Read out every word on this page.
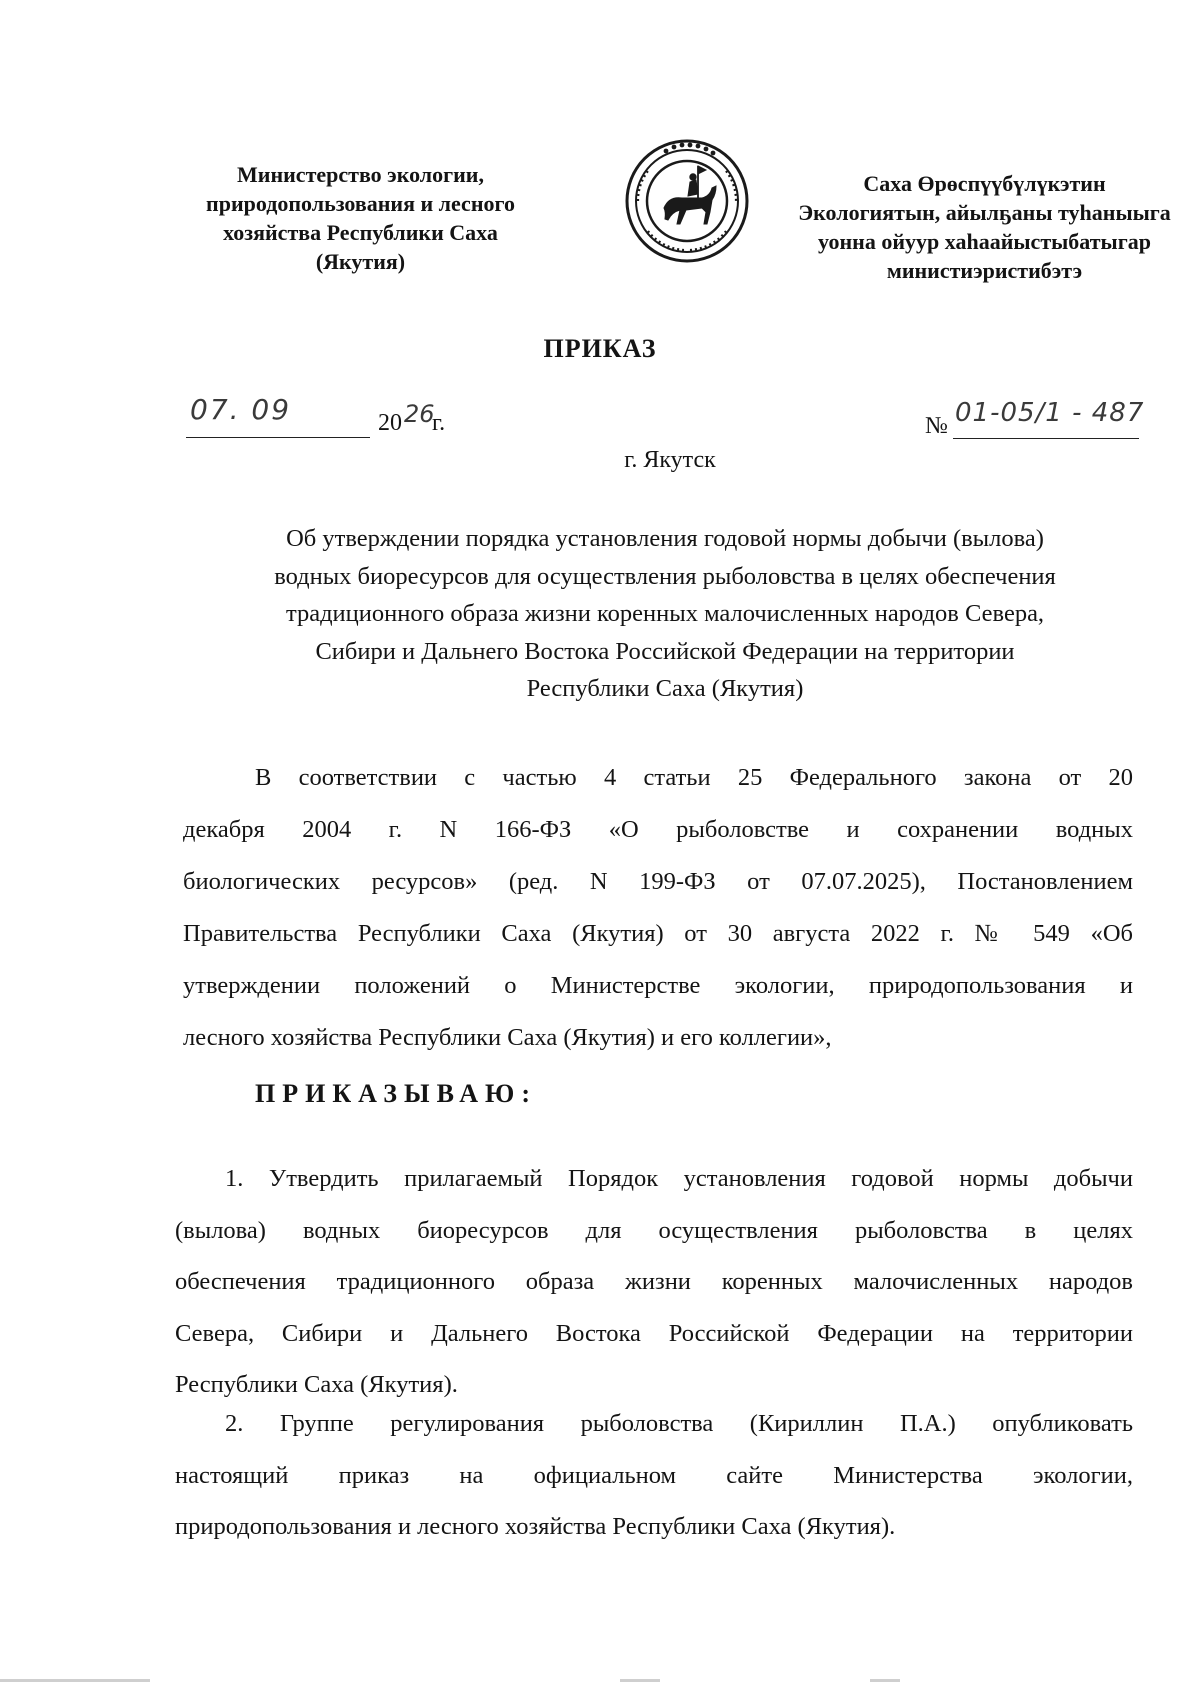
Министерство экологии,
природопользования и лесного
хозяйства Республики Саха
(Якутия)
Саха Өрөспүүбүлүкэтин
Экологиятын, айылҕаны туһаныыга
уонна ойуур хаһаайыстыбатыгар
министиэристибэтэ
ПРИКАЗ
07. 09	20 26
г.	№ 01-05/1 - 487
г. Якутск
Об утверждении порядка установления годовой нормы добычи (вылова)
водных биоресурсов для осуществления рыболовства в целях обеспечения
традиционного образа жизни коренных малочисленных народов Севера,
Сибири и Дальнего Востока Российской Федерации на территории
Республики Саха (Якутия)
В соответствии с частью 4 статьи 25 Федерального закона от 20
декабря 2004 г. N 166-ФЗ «О рыболовстве и сохранении водных
биологических ресурсов» (ред. N 199-ФЗ от 07.07.2025), Постановлением
Правительства Республики Саха (Якутия) от 30 августа 2022 г. № 549 «Об
утверждении положений о Министерстве экологии, природопользования и
лесного хозяйства Республики Саха (Якутия) и его коллегии»,
ПРИКАЗЫВАЮ:
1. Утвердить прилагаемый Порядок установления годовой нормы добычи
(вылова) водных биоресурсов для осуществления рыболовства в целях
обеспечения традиционного образа жизни коренных малочисленных народов
Севера, Сибири и Дальнего Востока Российской Федерации на территории
Республики Саха (Якутия).
2. Группе регулирования рыболовства (Кириллин П.А.) опубликовать
настоящий приказ на официальном сайте Министерства экологии,
природопользования и лесного хозяйства Республики Саха (Якутия).
